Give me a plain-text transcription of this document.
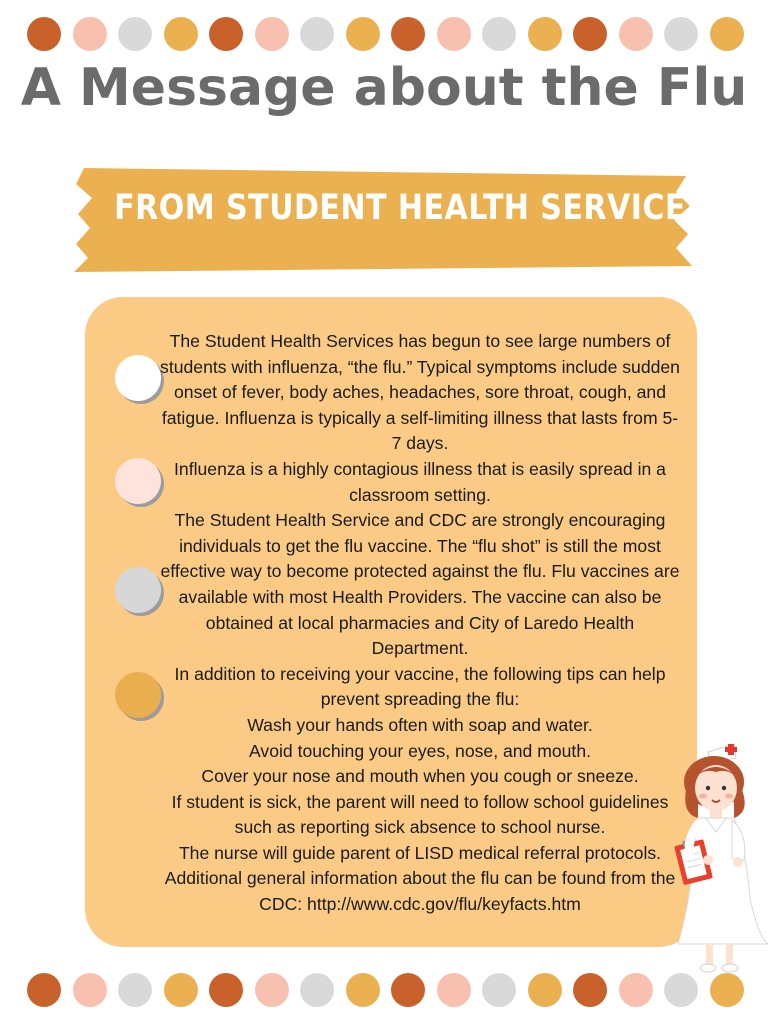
A Message about the Flu
FROM STUDENT HEALTH SERVICES

The Student Health Services has begun to see large numbers of students with influenza, “the flu.” Typical symptoms include sudden onset of fever, body aches, headaches, sore throat, cough, and fatigue. Influenza is typically a self-limiting illness that lasts from 5-7 days.

Influenza is a highly contagious illness that is easily spread in a classroom setting.

The Student Health Service and CDC are strongly encouraging individuals to get the flu vaccine. The “flu shot” is still the most effective way to become protected against the flu. Flu vaccines are available with most Health Providers. The vaccine can also be obtained at local pharmacies and City of Laredo Health Department.

In addition to receiving your vaccine, the following tips can help prevent spreading the flu:

Wash your hands often with soap and water.

Avoid touching your eyes, nose, and mouth.

Cover your nose and mouth when you cough or sneeze.

If student is sick, the parent will need to follow school guidelines such as reporting sick absence to school nurse.

The nurse will guide parent of LISD medical referral protocols.

Additional general information about the flu can be found from the CDC: http://www.cdc.gov/flu/keyfacts.htm
